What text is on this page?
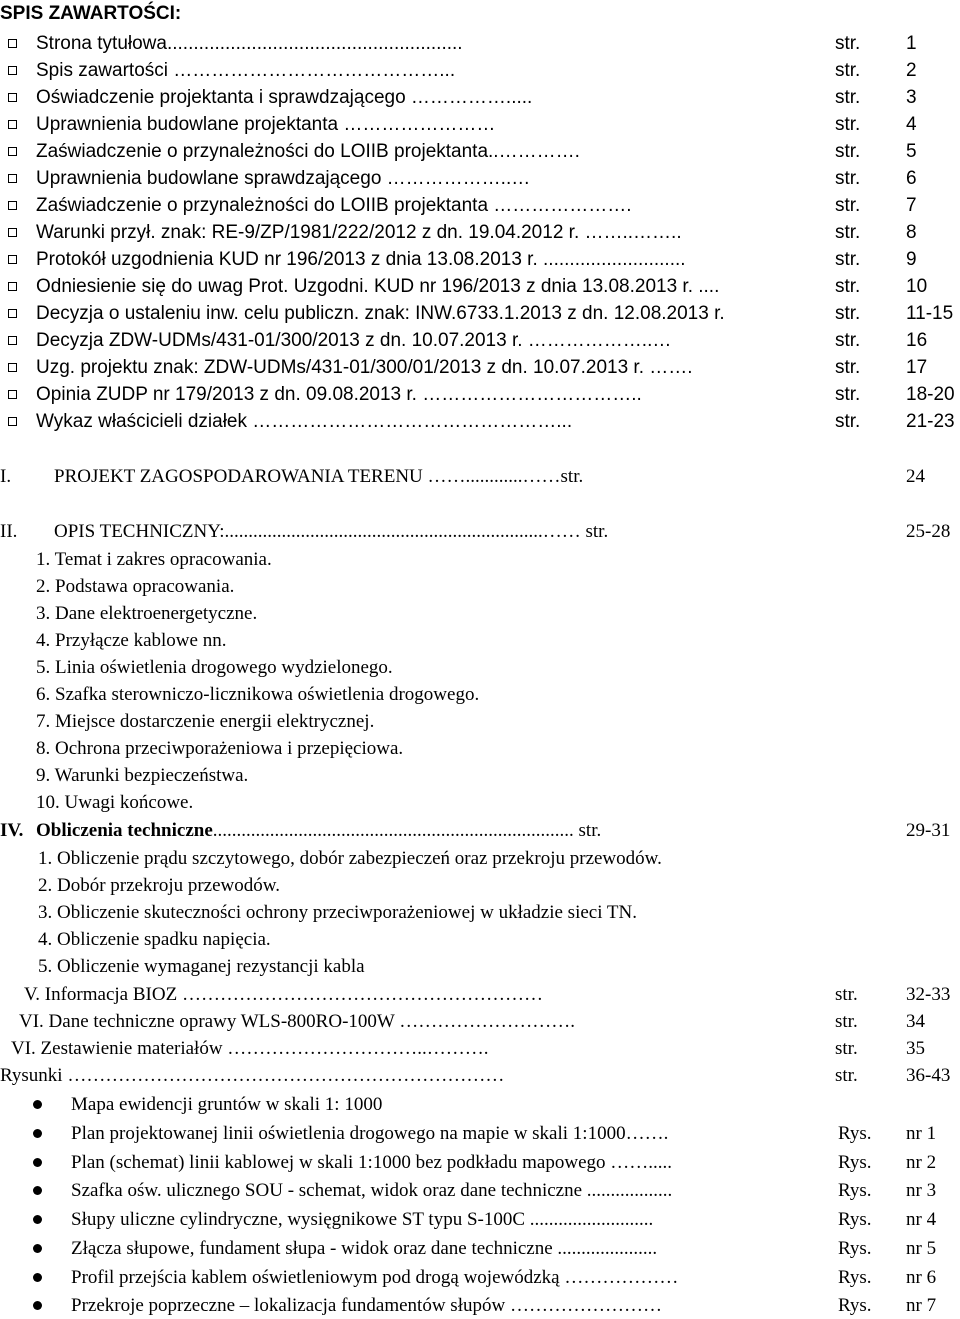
SPIS ZAWARTOŚCI:
Strona tytułowa........................................................	str. 1
Spis zawartości ……………………………………...	str. 2
Oświadczenie projektanta i sprawdzającego …………….....	str. 3
Uprawnienia budowlane projektanta ……………………	str. 4
Zaświadczenie o przynależności do LOIIB projektanta..………….	str. 5
Uprawnienia budowlane sprawdzającego ………………..…	str. 6
Zaświadczenie o przynależności do LOIIB projektanta ………………….	str. 7
Warunki przył. znak: RE-9/ZP/1981/222/2012 z dn. 19.04.2012 r. ……..……..	str. 8
Protokół uzgodnienia KUD nr 196/2013 z dnia 13.08.2013 r. ...........................	str. 9
Odniesienie się do uwag Prot. Uzgodni. KUD nr 196/2013 z dnia 13.08.2013 r. ....	str. 10
Decyzja o ustaleniu inw. celu publiczn. znak: INW.6733.1.2013 z dn. 12.08.2013 r.	str. 11-15
Decyzja ZDW-UDMs/431-01/300/2013 z dn. 10.07.2013 r. ………………..…	str. 16
Uzg. projektu znak: ZDW-UDMs/431-01/300/01/2013 z dn. 10.07.2013 r. …….	str. 17
Opinia ZUDP nr 179/2013 z dn. 09.08.2013 r. ……………………………..	str. 18-20
Wykaz właścicieli działek …………………………………………...	str. 21-23
I. PROJEKT ZAGOSPODAROWANIA TERENU ……............……str.	24
II. OPIS TECHNICZNY:...................................................................…… str.	25-28
1. Temat i zakres opracowania.
2. Podstawa opracowania.
3. Dane elektroenergetyczne.
4. Przyłącze kablowe nn.
5. Linia oświetlenia drogowego wydzielonego.
6. Szafka sterowniczo-licznikowa oświetlenia drogowego.
7. Miejsce dostarczenie energii elektrycznej.
8. Ochrona przeciwporażeniowa i przepięciowa.
9. Warunki bezpieczeństwa.
10. Uwagi końcowe.
IV. Obliczenia techniczne............................................................................ str.	29-31
1. Obliczenie prądu szczytowego, dobór zabezpieczeń oraz przekroju przewodów.
2. Dobór przekroju przewodów.
3. Obliczenie skuteczności ochrony przeciwporażeniowej w układzie sieci TN.
4. Obliczenie spadku napięcia.
5. Obliczenie wymaganej rezystancji kabla
V. Informacja BIOZ …………………………………………………	str.	32-33
VI. Dane techniczne oprawy WLS-800RO-100W ……………………….	str.	34
VI. Zestawienie materiałów …………………………..……….	str.	35
Rysunki ……………………………………………………………	str.	36-43
Mapa ewidencji gruntów w skali 1: 1000
Plan projektowanej linii oświetlenia drogowego na mapie w skali 1:1000…….	Rys. nr 1
Plan (schemat) linii kablowej w skali 1:1000 bez podkładu mapowego …….....	Rys. nr 2
Szafka ośw. ulicznego SOU - schemat, widok oraz dane techniczne ..................	Rys. nr 3
Słupy uliczne cylindryczne, wysięgnikowe ST typu S-100C ..........................	Rys. nr 4
Złącza słupowe, fundament słupa - widok oraz dane techniczne .....................	Rys. nr 5
Profil przejścia kablem oświetleniowym pod drogą wojewódzką ………………	Rys. nr 6
Przekroje poprzeczne – lokalizacja fundamentów słupów ……………………	Rys. nr 7
